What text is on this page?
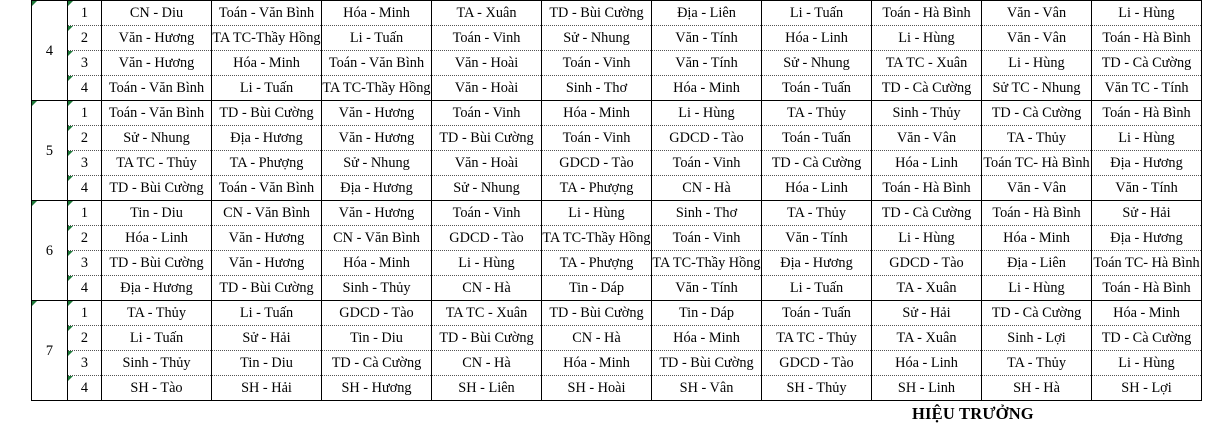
4	1	CN - Diu	Toán - Văn Bình	Hóa - Minh	TA - Xuân	TD - Bùi Cường	Địa - Liên	Li - Tuấn	Toán - Hà Bình	Văn - Vân	Li - Hùng

2	Văn - Hương	TA TC-Thầy Hồng	Li - Tuấn	Toán - Vinh	Sử - Nhung	Văn - Tính	Hóa - Linh	Li - Hùng	Văn - Vân	Toán - Hà Bình

3	Văn - Hương	Hóa - Minh	Toán - Văn Bình	Văn - Hoài	Toán - Vinh	Văn - Tính	Sử - Nhung	TA TC - Xuân	Li - Hùng	TD - Cà Cường

4	Toán - Văn Bình	Li - Tuấn	TA TC-Thầy Hồng	Văn - Hoài	Sinh - Thơ	Hóa - Minh	Toán - Tuấn	TD - Cà Cường	Sử TC - Nhung	Văn TC - Tính

5	1	Toán - Văn Bình	TD - Bùi Cường	Văn - Hương	Toán - Vinh	Hóa - Minh	Li - Hùng	TA - Thủy	Sinh - Thủy	TD - Cà Cường	Toán - Hà Bình

2	Sử - Nhung	Địa - Hương	Văn - Hương	TD - Bùi Cường	Toán - Vinh	GDCD - Tào	Toán - Tuấn	Văn - Vân	TA - Thủy	Li - Hùng

3	TA TC - Thủy	TA - Phượng	Sử - Nhung	Văn - Hoài	GDCD - Tào	Toán - Vinh	TD - Cà Cường	Hóa - Linh	Toán TC- Hà Bình	Địa - Hương

4	TD - Bùi Cường	Toán - Văn Bình	Địa - Hương	Sử - Nhung	TA - Phượng	CN - Hà	Hóa - Linh	Toán - Hà Bình	Văn - Vân	Văn - Tính

6	1	Tin - Diu	CN - Văn Bình	Văn - Hương	Toán - Vinh	Li - Hùng	Sinh - Thơ	TA - Thủy	TD - Cà Cường	Toán - Hà Bình	Sử - Hải

2	Hóa - Linh	Văn - Hương	CN - Văn Bình	GDCD - Tào	TA TC-Thầy Hồng	Toán - Vinh	Văn - Tính	Li - Hùng	Hóa - Minh	Địa - Hương

3	TD - Bùi Cường	Văn - Hương	Hóa - Minh	Li - Hùng	TA - Phượng	TA TC-Thầy Hồng	Địa - Hương	GDCD - Tào	Địa - Liên	Toán TC- Hà Bình

4	Địa - Hương	TD - Bùi Cường	Sinh - Thủy	CN - Hà	Tin - Dáp	Văn - Tính	Li - Tuấn	TA - Xuân	Li - Hùng	Toán - Hà Bình

7	1	TA - Thủy	Li - Tuấn	GDCD - Tào	TA TC - Xuân	TD - Bùi Cường	Tin - Dáp	Toán - Tuấn	Sử - Hải	TD - Cà Cường	Hóa - Minh

2	Li - Tuấn	Sử - Hải	Tin - Diu	TD - Bùi Cường	CN - Hà	Hóa - Minh	TA TC - Thủy	TA - Xuân	Sinh - Lợi	TD - Cà Cường

3	Sinh - Thủy	Tin - Diu	TD - Cà Cường	CN - Hà	Hóa - Minh	TD - Bùi Cường	GDCD - Tào	Hóa - Linh	TA - Thủy	Li - Hùng

4	SH - Tào	SH - Hải	SH - Hương	SH - Liên	SH - Hoài	SH - Vân	SH - Thủy	SH - Linh	SH - Hà	SH - Lợi
HIỆU TRƯỞNG
